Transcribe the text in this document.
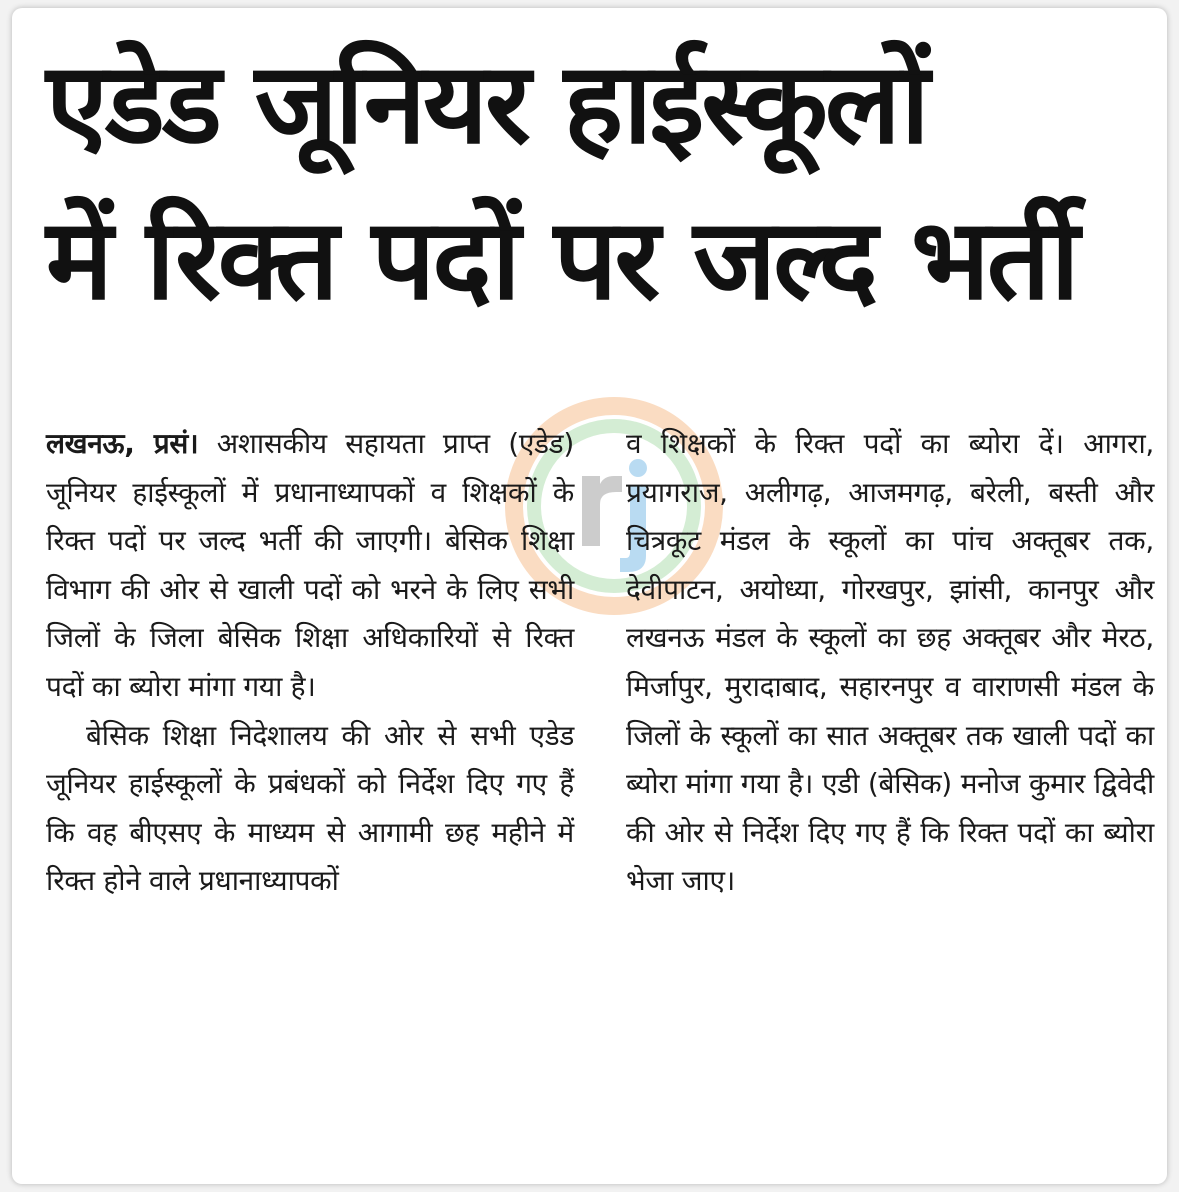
एडेड जूनियर हाईस्कूलों
में रिक्त पदों पर जल्द भर्ती

लखनऊ, प्रसं। अशासकीय सहायता प्राप्त (एडेड) जूनियर हाईस्कूलों में प्रधानाध्यापकों व शिक्षकों के रिक्त पदों पर जल्द भर्ती की जाएगी। बेसिक शिक्षा विभाग की ओर से खाली पदों को भरने के लिए सभी जिलों के जिला बेसिक शिक्षा अधिकारियों से रिक्त पदों का ब्योरा मांगा गया है।

बेसिक शिक्षा निदेशालय की ओर से सभी एडेड जूनियर हाईस्कूलों के प्रबंधकों को निर्देश दिए गए हैं कि वह बीएसए के माध्यम से आगामी छह महीने में रिक्त होने वाले प्रधानाध्यापकों

व शिक्षकों के रिक्त पदों का ब्योरा दें। आगरा, प्रयागराज, अलीगढ़, आजमगढ़, बरेली, बस्ती और चित्रकूट मंडल के स्कूलों का पांच अक्तूबर तक, देवीपाटन, अयोध्या, गोरखपुर, झांसी, कानपुर और लखनऊ मंडल के स्कूलों का छह अक्तूबर और मेरठ, मिर्जापुर, मुरादाबाद, सहारनपुर व वाराणसी मंडल के जिलों के स्कूलों का सात अक्तूबर तक खाली पदों का ब्योरा मांगा गया है। एडी (बेसिक) मनोज कुमार द्विवेदी की ओर से निर्देश दिए गए हैं कि रिक्त पदों का ब्योरा भेजा जाए।
